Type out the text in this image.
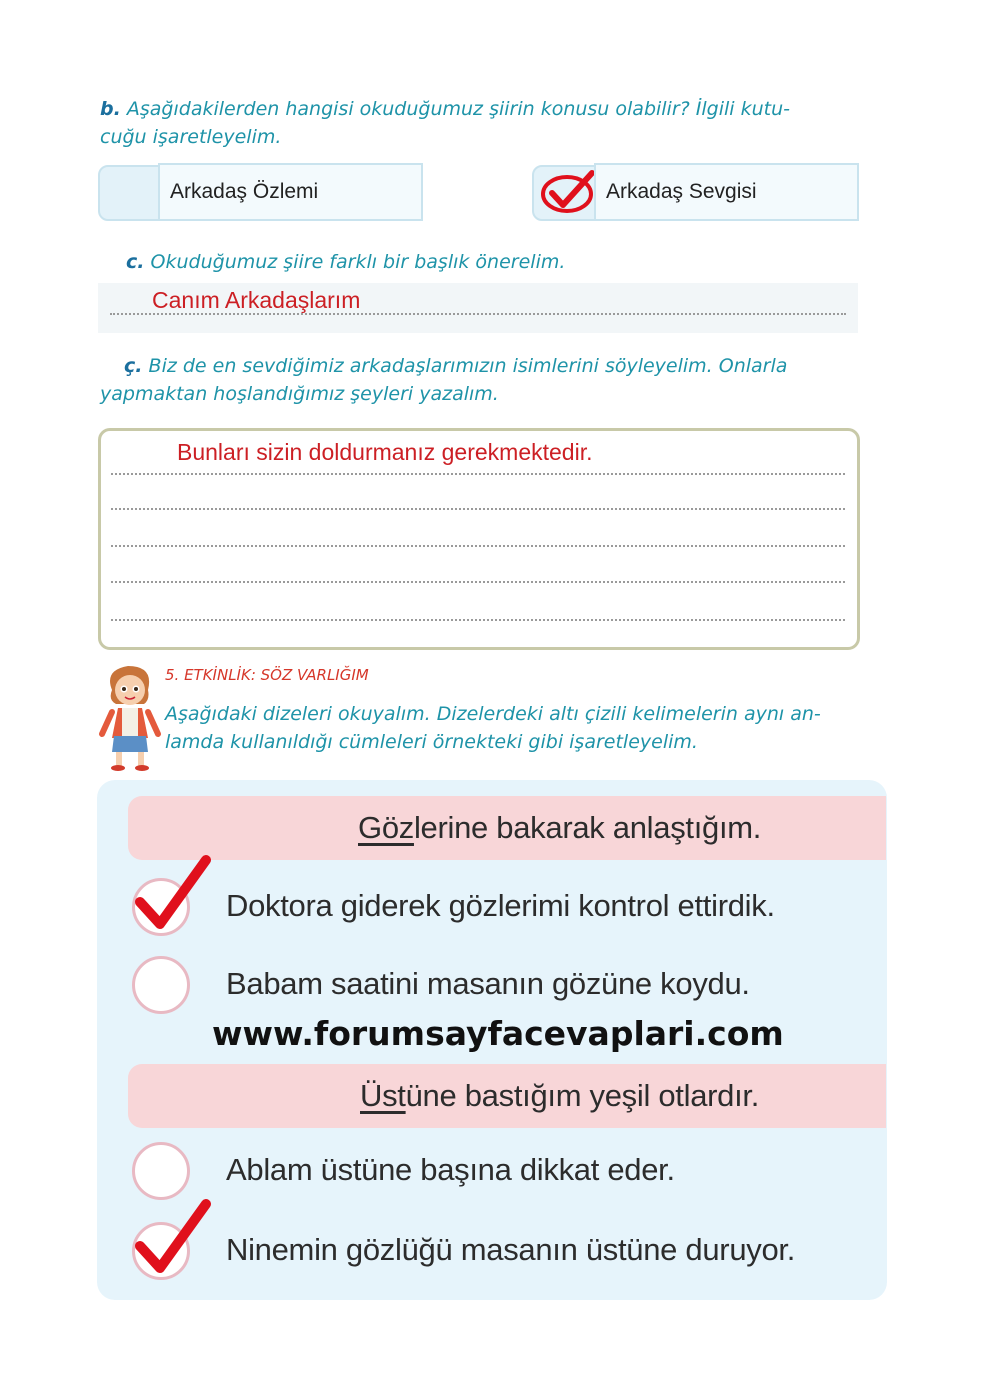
b. Aşağıdakilerden hangisi okuduğumuz şiirin konusu olabilir? İlgili kutu-
cuğu işaretleyelim.
Arkadaş Özlemi	Arkadaş Sevgisi
c. Okuduğumuz şiire farklı bir başlık önerelim.
Canım Arkadaşlarım
ç. Biz de en sevdiğimiz arkadaşlarımızın isimlerini söyleyelim. Onlarla
yapmaktan hoşlandığımız şeyleri yazalım.
Bunları sizin doldurmanız gerekmektedir.
5. ETKİNLİK: SÖZ VARLIĞIM
Aşağıdaki dizeleri okuyalım. Dizelerdeki altı çizili kelimelerin aynı an-
lamda kullanıldığı cümleleri örnekteki gibi işaretleyelim.
Gözlerine bakarak anlaştığım.
Doktora giderek gözlerimi kontrol ettirdik.
Babam saatini masanın gözüne koydu.
www.forumsayfacevaplari.com
Üstüne bastığım yeşil otlardır.
Ablam üstüne başına dikkat eder.
Ninemin gözlüğü masanın üstüne duruyor.
